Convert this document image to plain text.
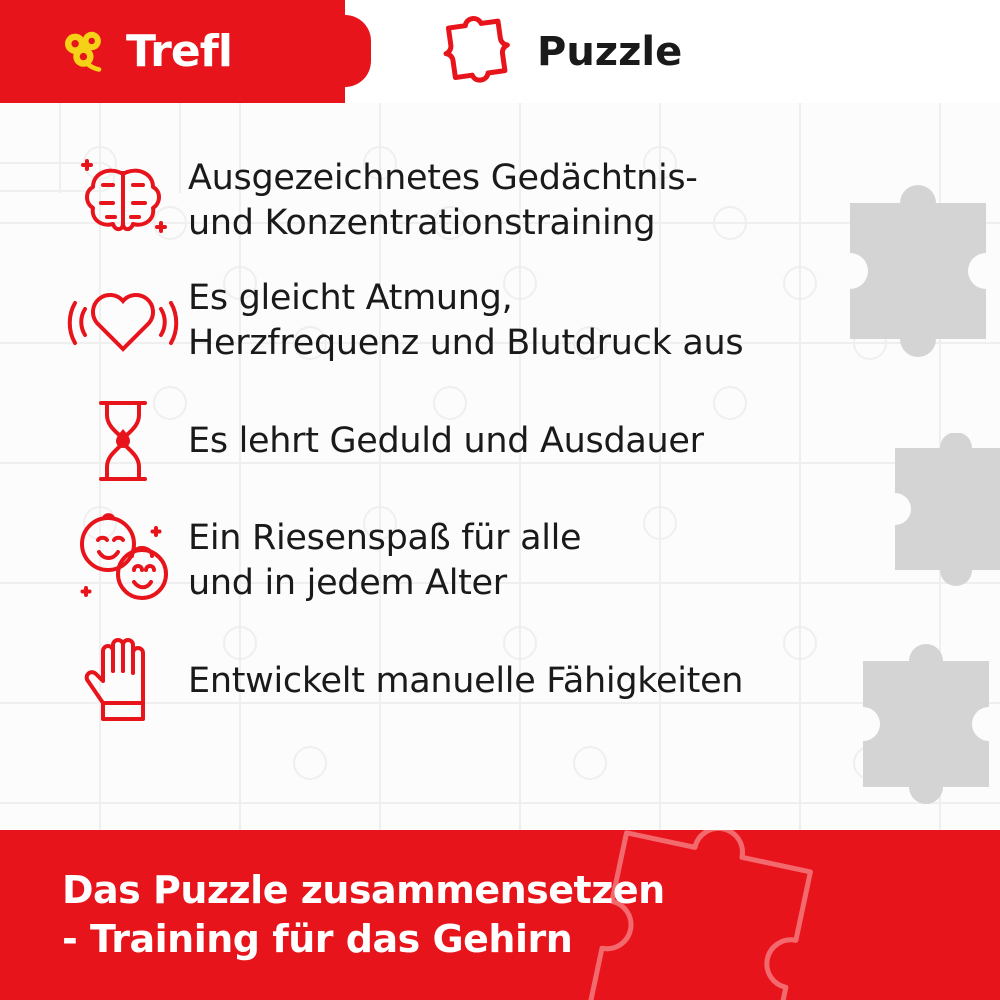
Trefl	Puzzle
Ausgezeichnetes Gedächtnis-
und Konzentrationstraining
Es gleicht Atmung,
Herzfrequenz und Blutdruck aus
Es lehrt Geduld und Ausdauer
Ein Riesenspaß für alle
und in jedem Alter
Entwickelt manuelle Fähigkeiten
Das Puzzle zusammensetzen
- Training für das Gehirn
